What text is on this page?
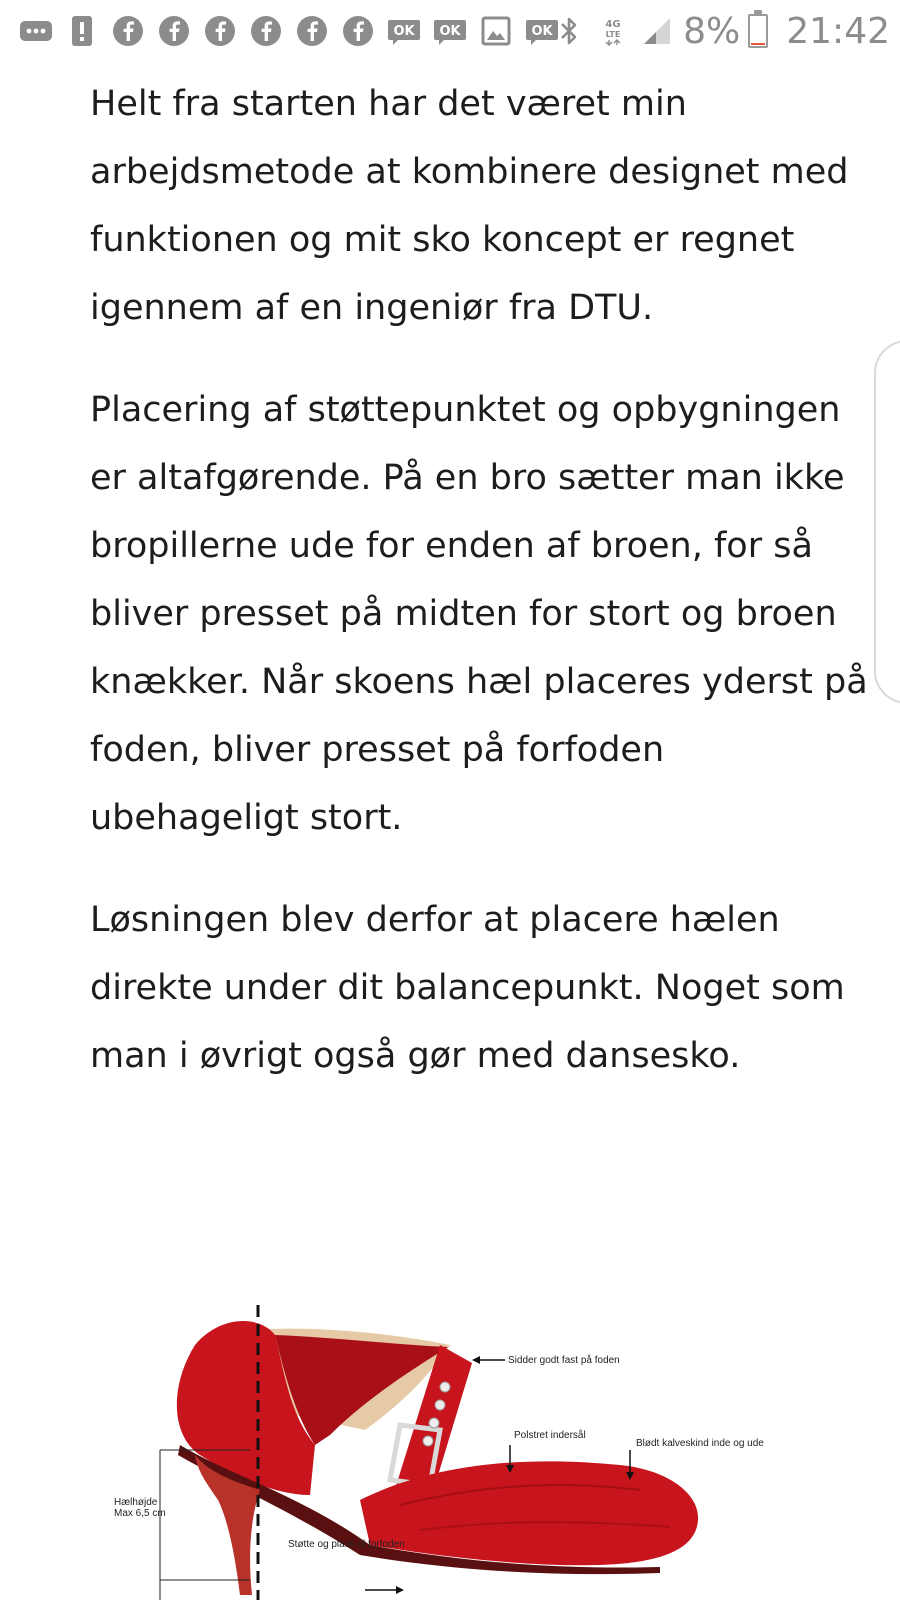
OK OK	OK	4G
LTE 8% 21:42

Helt fra starten har det været min arbejdsmetode at kombinere designet med funktionen og mit sko koncept er regnet igennem af en ingeniør fra DTU.

Placering af støttepunktet og opbygningen er altafgørende. På en bro sætter man ikke bropillerne ude for enden af broen, for så bliver presset på midten for stort og broen knækker. Når skoens hæl placeres yderst på foden, bliver presset på forfoden ubehageligt stort.

Løsningen blev derfor at placere hælen direkte under dit balancepunkt. Noget som man i øvrigt også gør med dansesko.

Sidder godt fast på foden
Polstret indersål
Blødt kalveskind inde og ude
Hælhøjde
Max 6,5 cm
Støtte og plads til forfoden
